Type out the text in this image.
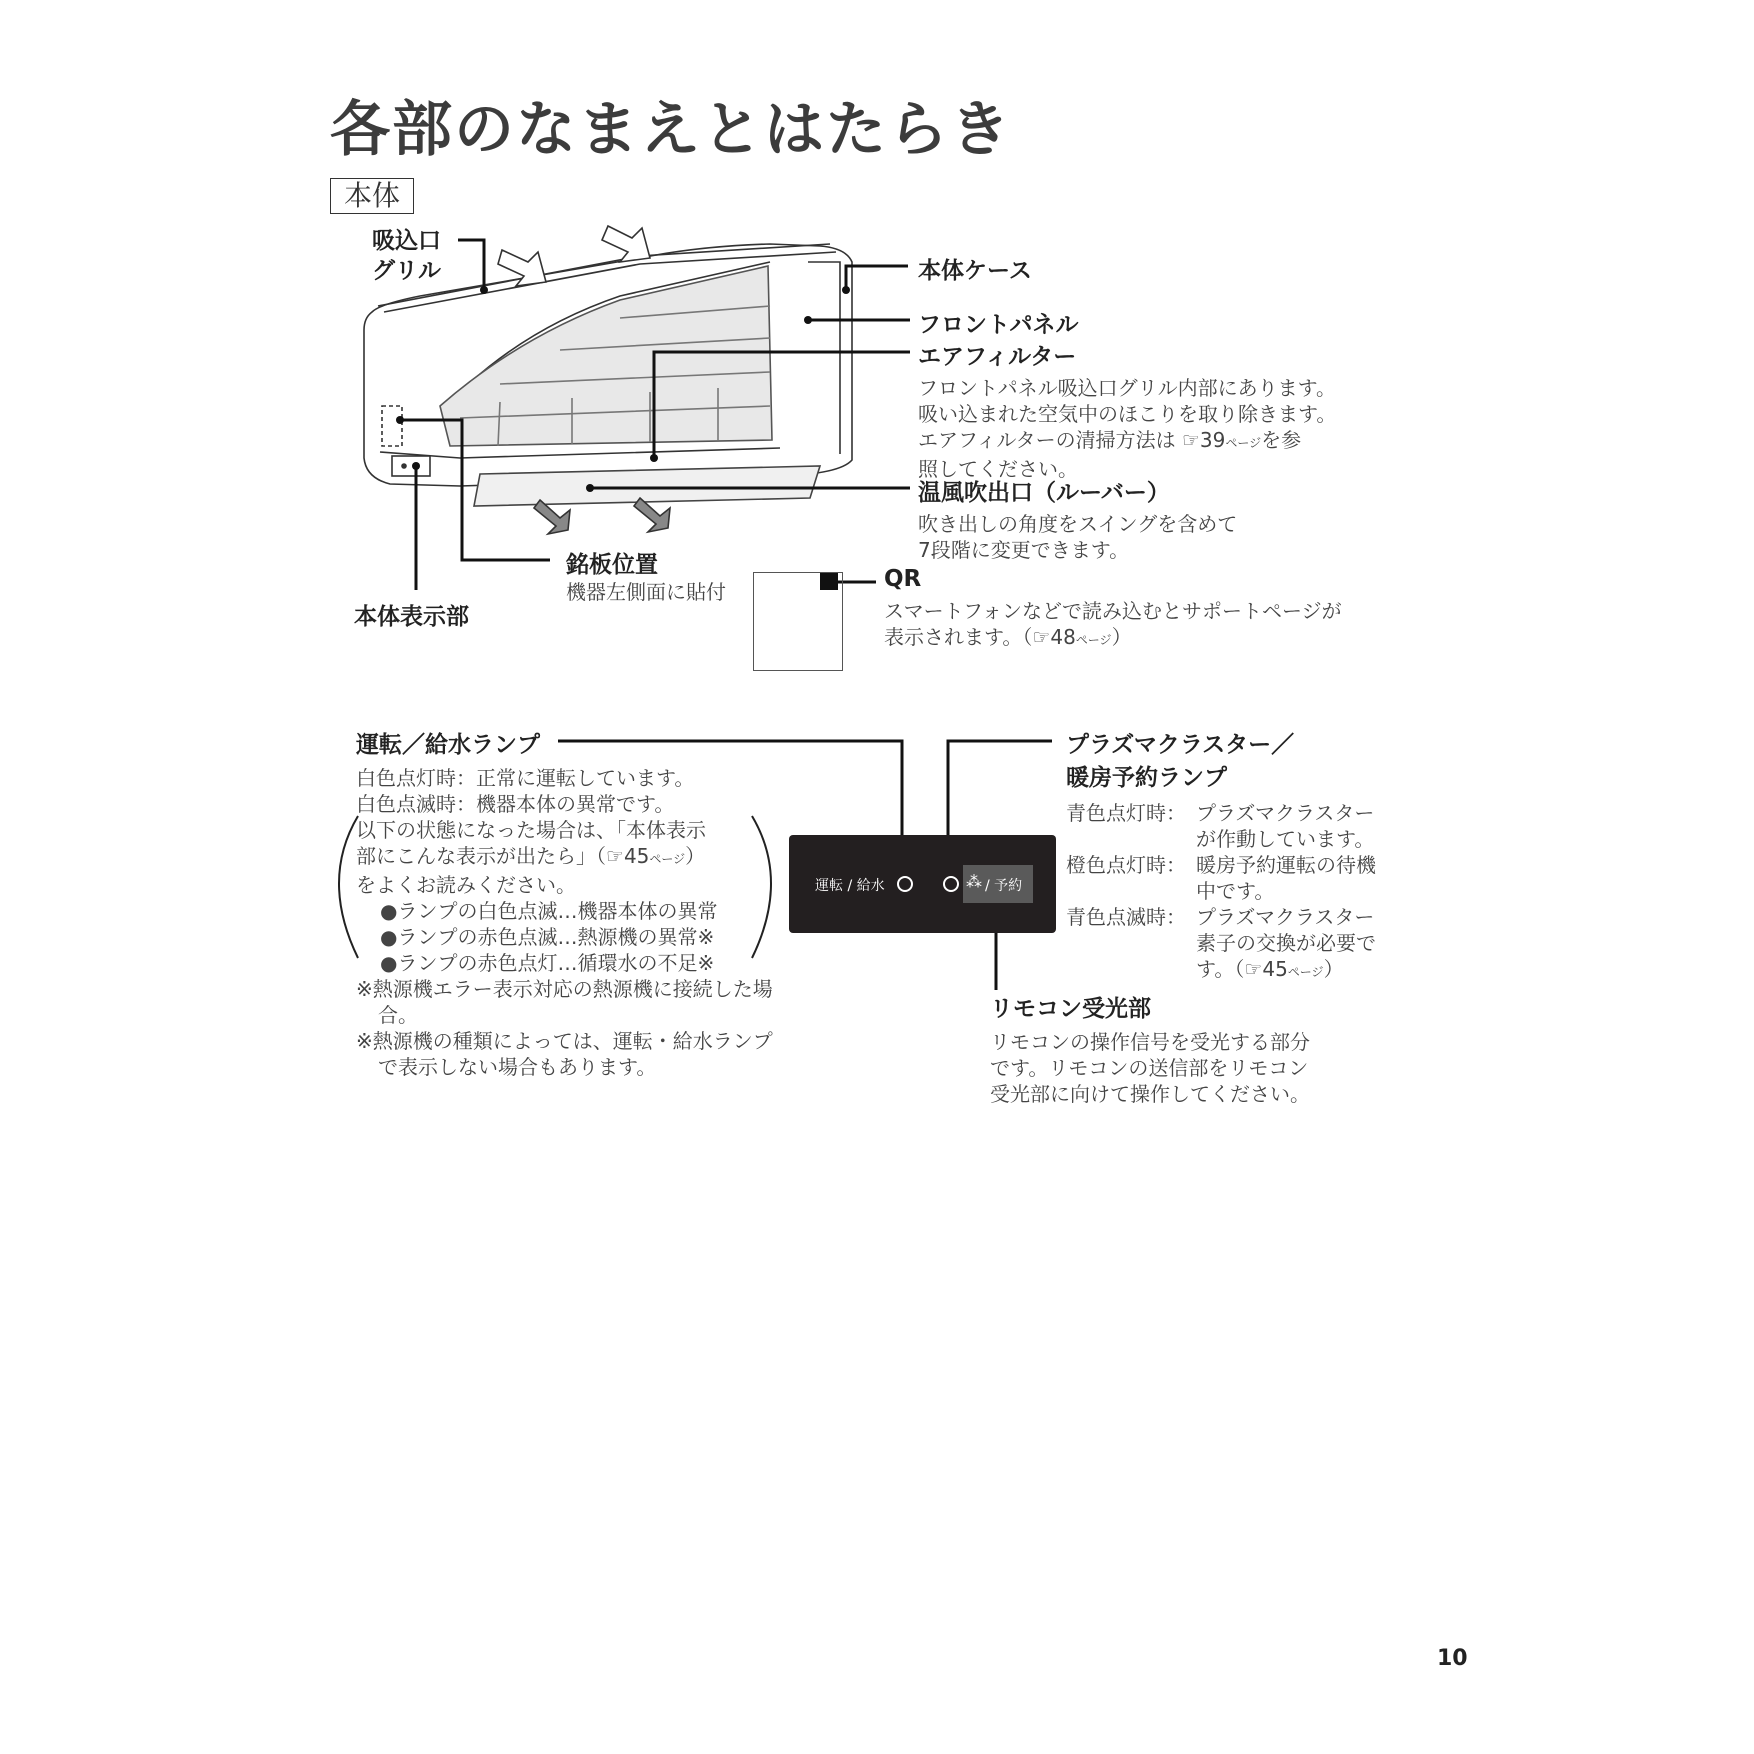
各部のなまえとはたらき
本体
吸込口
グリル	本体ケース
フロントパネル
エアフィルター
フロントパネル吸込口グリル内部にあります。
吸い込まれた空気中のほこりを取り除きます。
エアフィルターの清掃方法は ☞39ページを参
照してください。
温風吹出口（ルーバー）
吹き出しの角度をスイングを含めて
7段階に変更できます。
銘板位置
機器左側面に貼付
本体表示部
QR
スマートフォンなどで読み込むとサポートページが
表示されます。（☞48ページ）
運転 / 給水	⁂ / 予約
運転／給水ランプ
白色点灯時：正常に運転しています。
白色点滅時：機器本体の異常です。
以下の状態になった場合は、「本体表示
部にこんな表示が出たら」（☞45ページ）
をよくお読みください。
●ランプの白色点滅…機器本体の異常
●ランプの赤色点滅…熱源機の異常※
●ランプの赤色点灯…循環水の不足※
※熱源機エラー表示対応の熱源機に接続した場合。
※熱源機の種類によっては、運転・給水ランプで表示しない場合もあります。
プラズマクラスター／
暖房予約ランプ
青色点灯時： プラズマクラスター
が作動しています。
橙色点灯時： 暖房予約運転の待機
中です。
青色点滅時： プラズマクラスター
素子の交換が必要で
す。（☞45ページ）
リモコン受光部
リモコンの操作信号を受光する部分
です。リモコンの送信部をリモコン
受光部に向けて操作してください。
10
